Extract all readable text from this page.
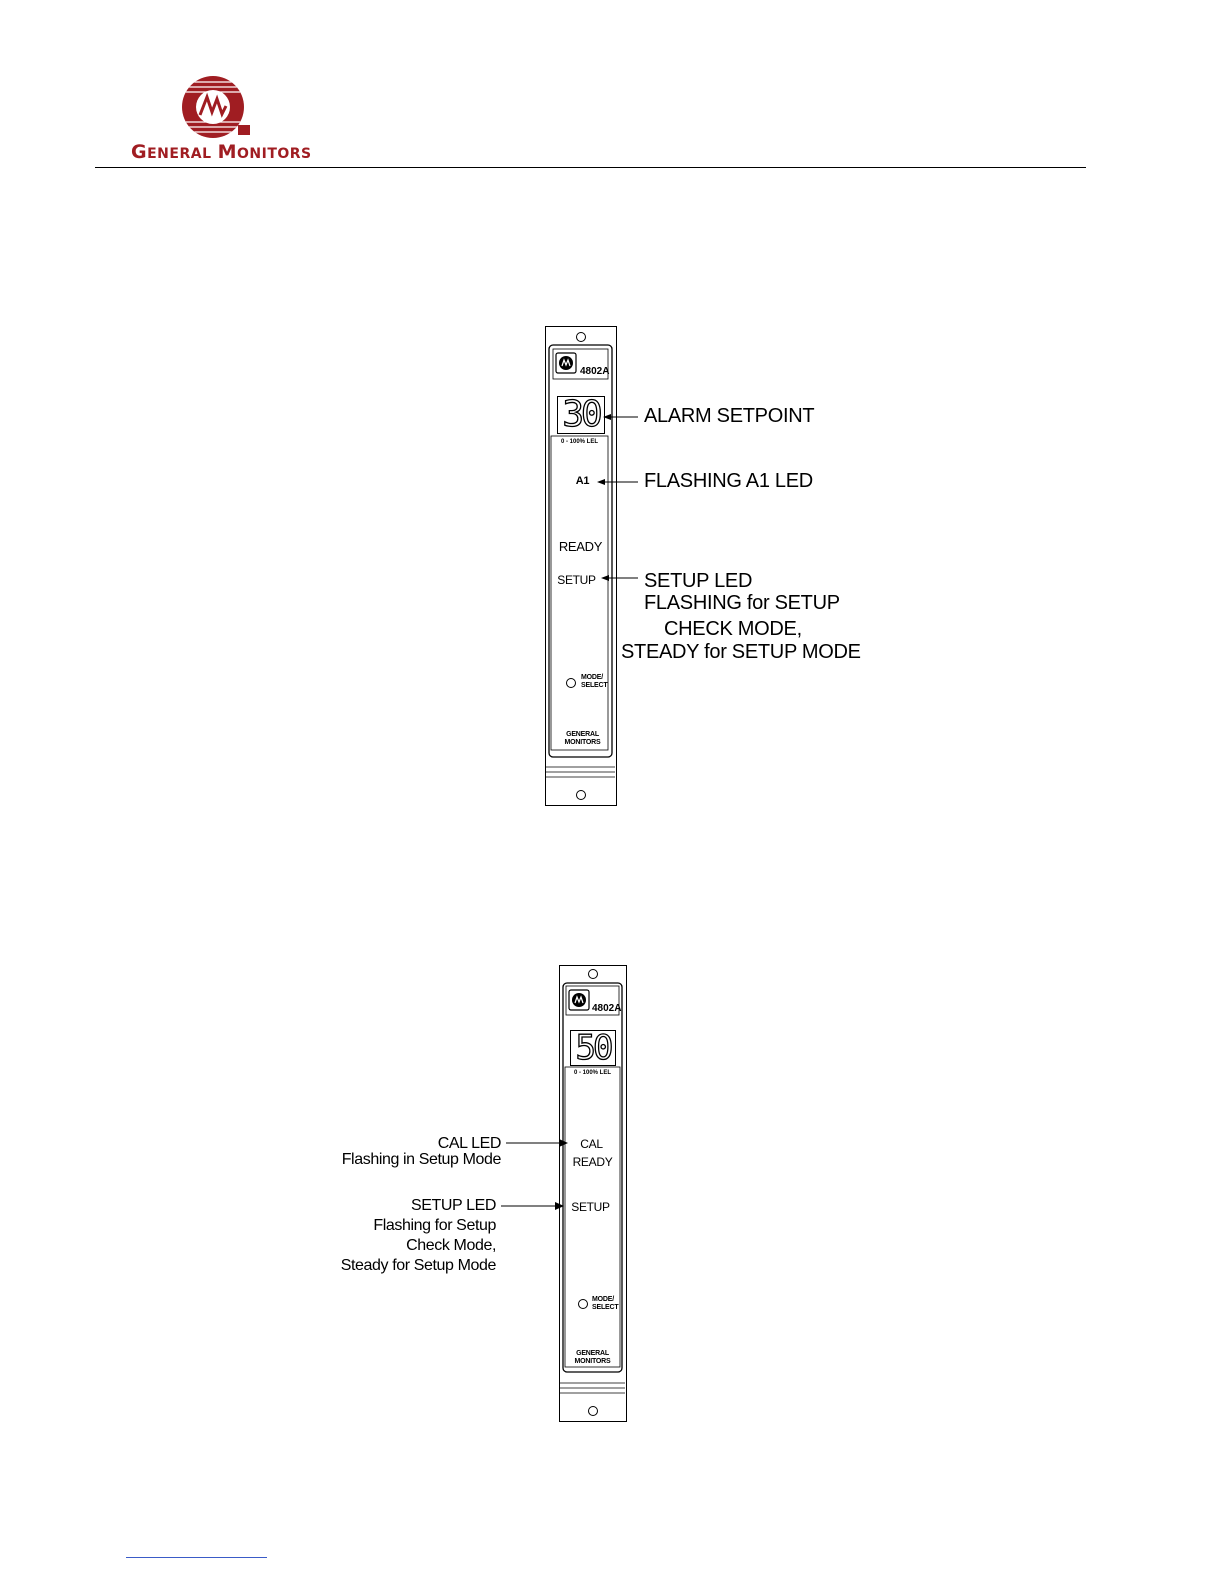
GENERAL MONITORS
4802A
30
0 - 100% LEL
A1
READY
SETUP
MODE/
SELECT
GENERAL
MONITORS
ALARM SETPOINT
FLASHING A1 LED
SETUP LED
FLASHING for SETUP
CHECK MODE,
STEADY for SETUP MODE
4802A
50
0 - 100% LEL
CAL
READY
SETUP
MODE/
SELECT
GENERAL
MONITORS
CAL LED
Flashing in Setup Mode
SETUP LED
Flashing for Setup
Check Mode,
Steady for Setup Mode
